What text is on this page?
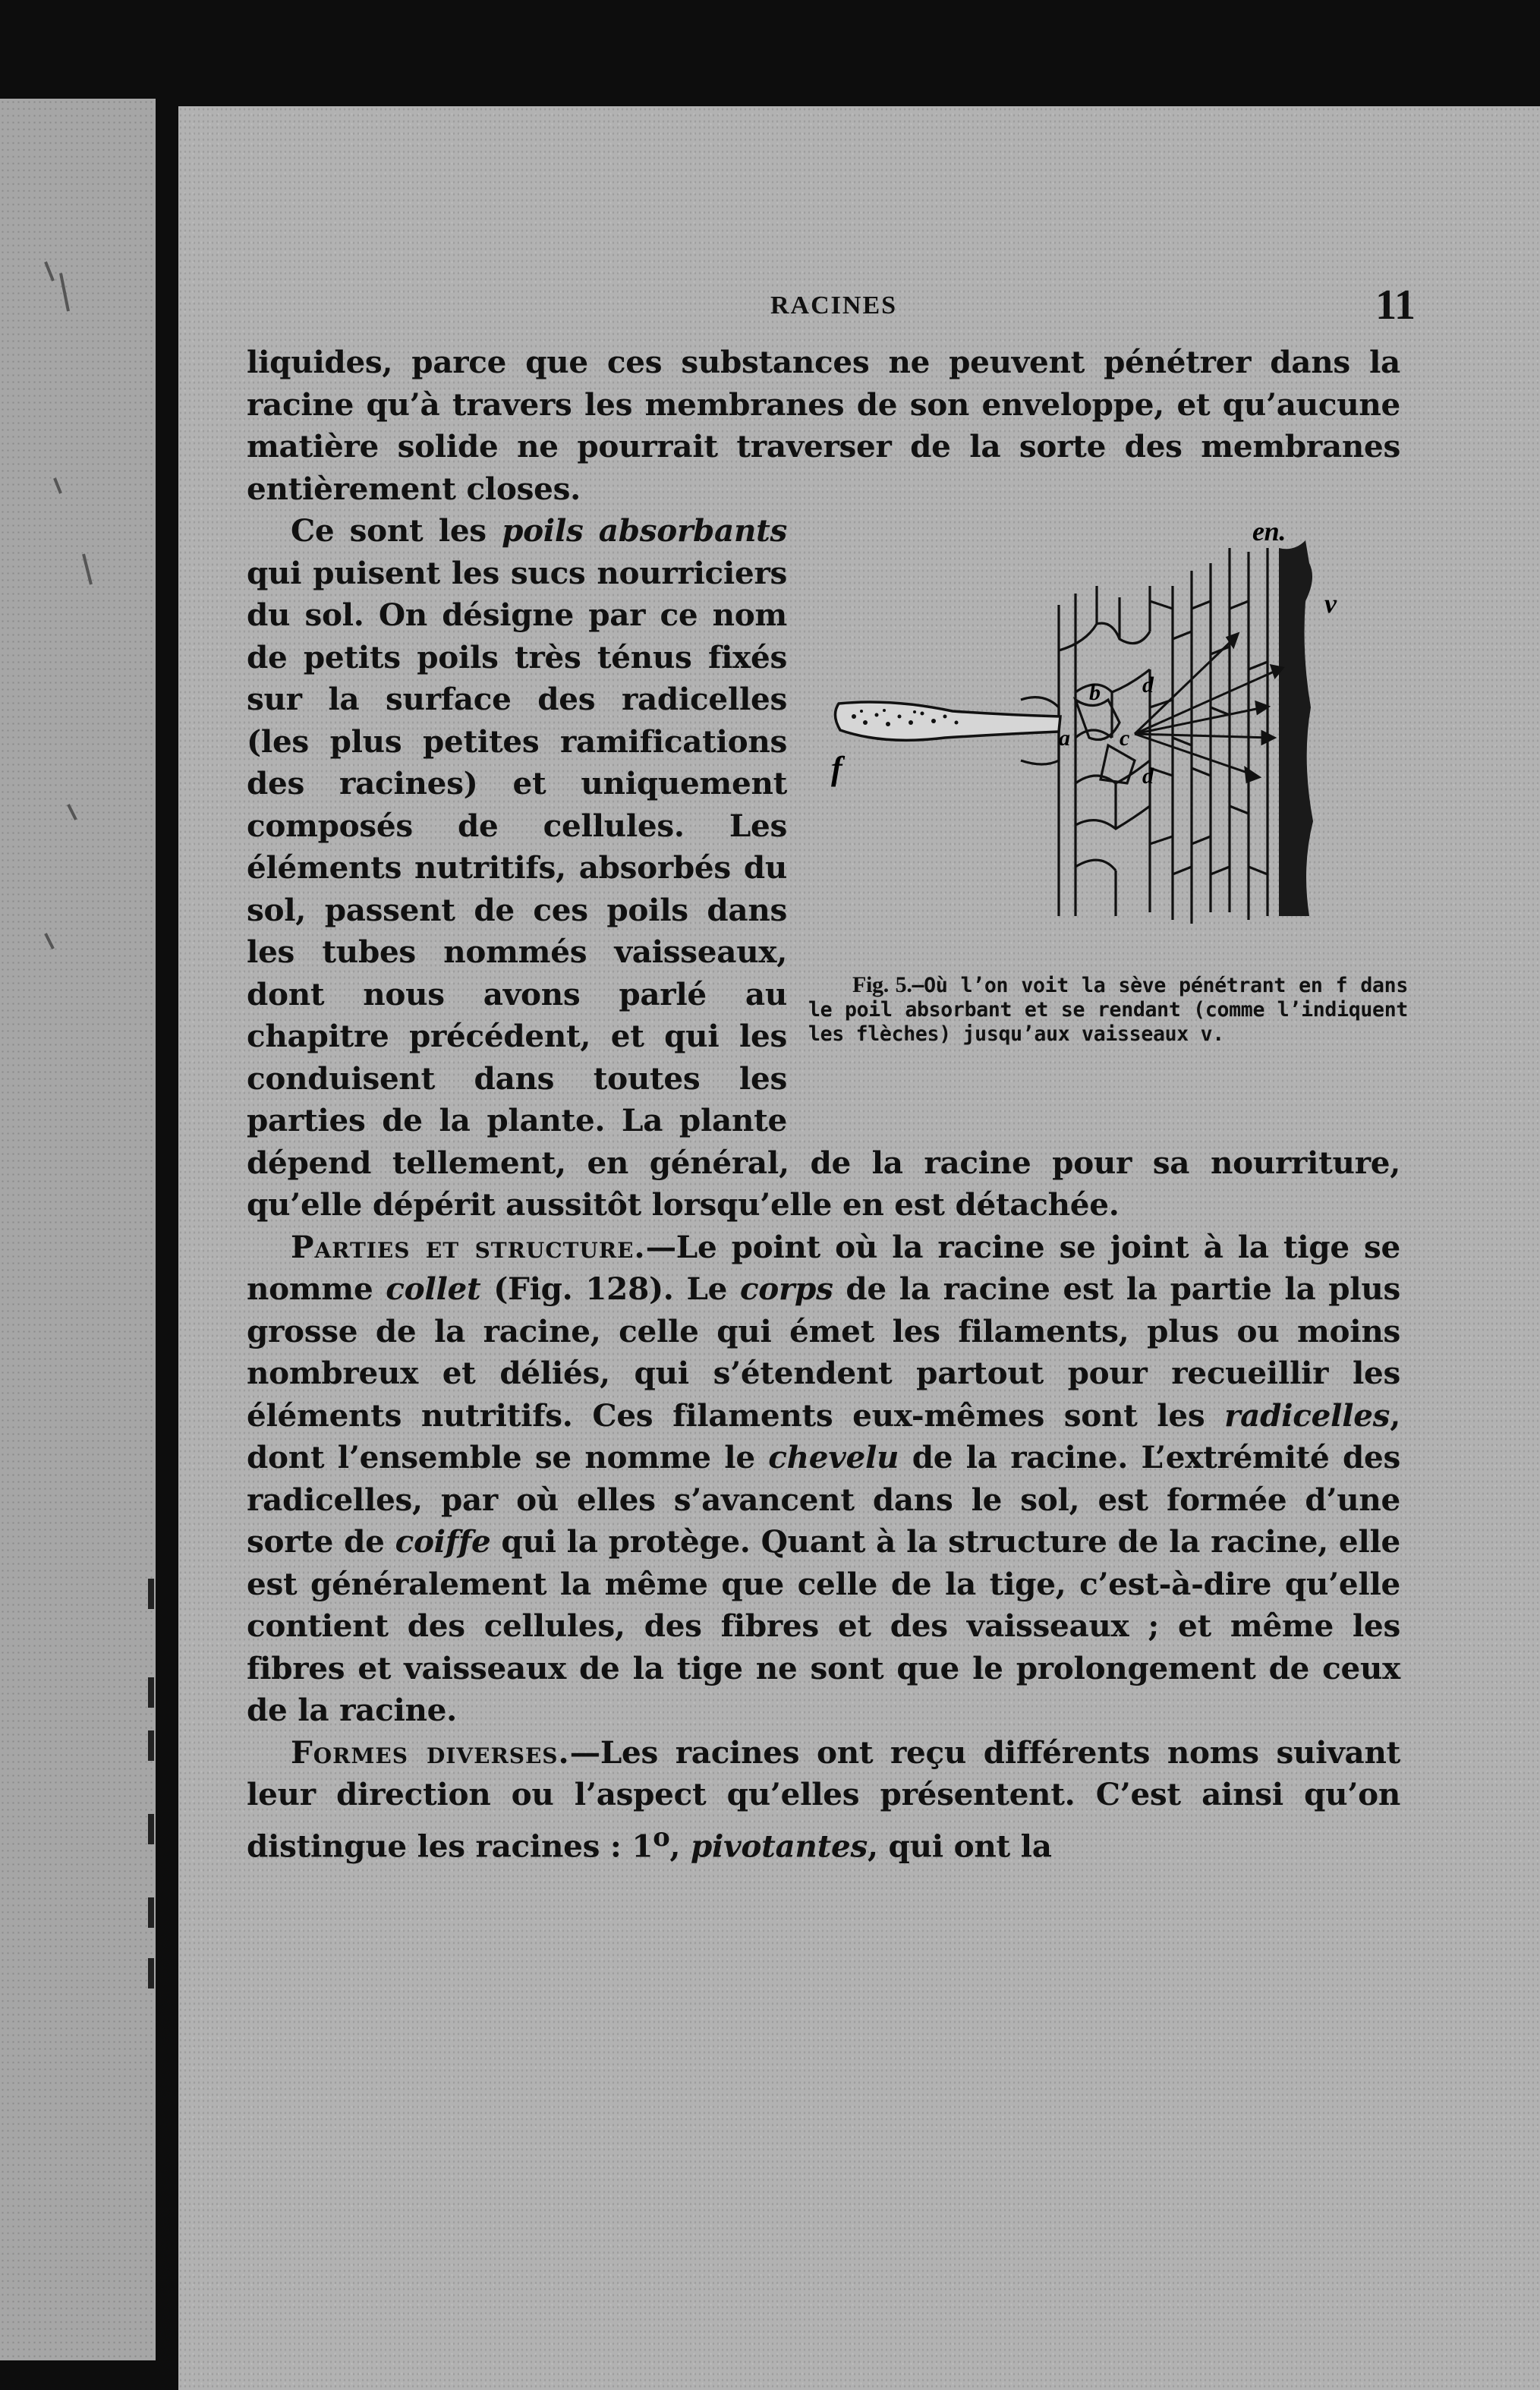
RACINES	11

liquides, parce que ces substances ne peuvent pénétrer dans la racine qu’à travers les membranes de son enveloppe, et qu’aucune matière solide ne pourrait traverser de la sorte des membranes entièrement closes.

Ce sont les poils absorbants	en.
v
f
a
b
c
d
d
Fig. 5.—Où l’on voit la sève pénétrant en f dans le poil absorbant et se rendant (comme l’indiquent les flèches) jusqu’aux vaisseaux v.
qui puisent les sucs nourriciers du sol. On désigne par ce nom de petits poils très ténus fixés sur la surface des radicelles (les plus petites ramifications des racines) et uniquement composés de cellules. Les éléments nutritifs, absorbés du sol, passent de ces poils dans les tubes nommés vaisseaux, dont nous avons parlé au chapitre précédent, et qui les conduisent dans toutes les parties de la plante. La plante dépend tellement, en général, de la racine pour sa nourriture, qu’elle dépérit aussitôt lorsqu’elle en est détachée.

Parties et structure.—Le point où la racine se joint à la tige se nomme collet (Fig. 128). Le corps de la racine est la partie la plus grosse de la racine, celle qui émet les filaments, plus ou moins nombreux et déliés, qui s’étendent partout pour recueillir les éléments nutritifs. Ces filaments eux-mêmes sont les radicelles, dont l’ensemble se nomme le chevelu de la racine. L’extrémité des radicelles, par où elles s’avancent dans le sol, est formée d’une sorte de coiffe qui la protège. Quant à la structure de la racine, elle est généralement la même que celle de la tige, c’est-à-dire qu’elle contient des cellules, des fibres et des vaisseaux ; et même les fibres et vaisseaux de la tige ne sont que le prolongement de ceux de la racine.

Formes diverses.—Les racines ont reçu différents noms suivant leur direction ou l’aspect qu’elles présentent. C’est ainsi qu’on distingue les racines : 1$^o$, pivotantes, qui ont la
